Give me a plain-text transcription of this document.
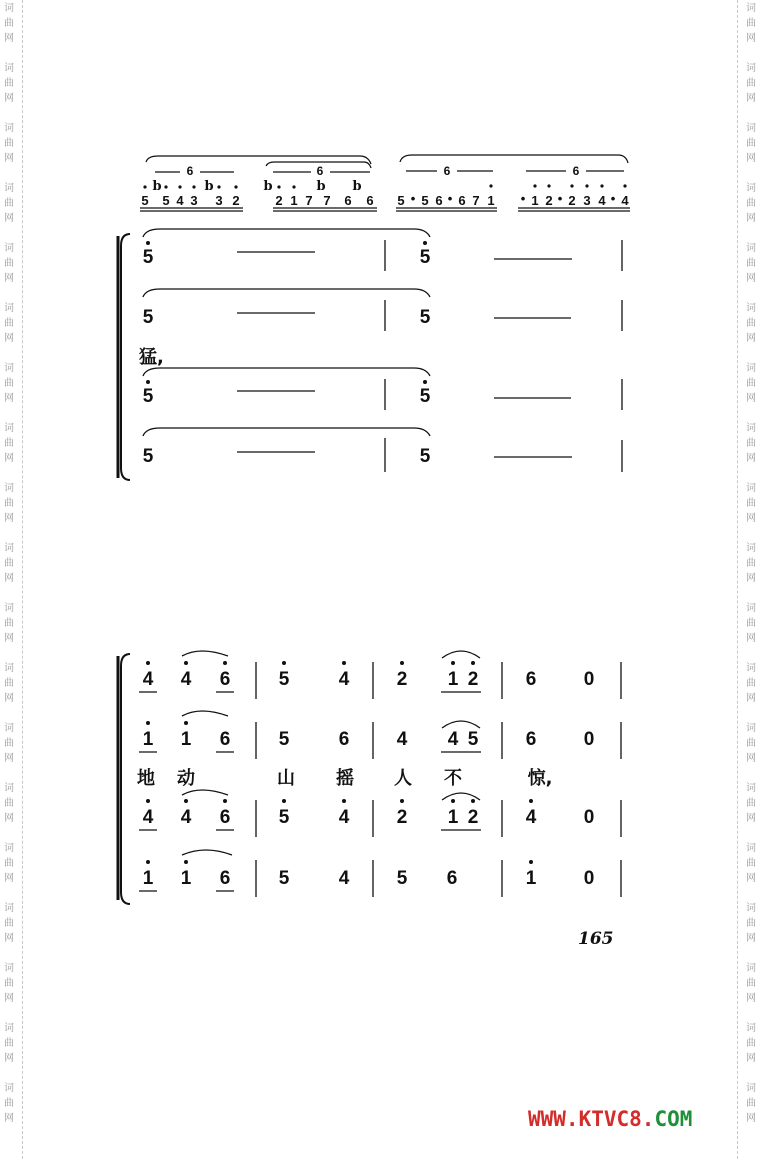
词
曲
网
词
曲
网
词
曲
网
词
曲
网
词
曲
网
词
曲
网
词
曲
网
词
曲
网
词
曲
网
词
曲
网
词
曲
网
词
曲
网
词
曲
网
词
曲
网
词
曲
网
词
曲
网
词
曲
网
词
曲
网
词
曲
网
词
曲
网
词
曲
网
词
曲
网
词
曲
网
词
曲
网
词
曲
网
词
曲
网
词
曲
网
词
曲
网
词
曲
网
词
曲
网
词
曲
网
词
曲
网
词
曲
网
词
曲
网
词
曲
网
词
曲
网
词
曲
网
词
曲
网
6
b	b
5 5 4 3 3 2
6
b	b b
2 1 7 7 6 6
6
5 • 5 6 • 6 7 1
6
• 1 2 • 2 3 4 • 4
5	5
5	5
猛,
5	5
5	5
4 4 6	5	4 2 1 2 6 0
1 1 6	5	6 4 4 5 6 0
地 动	山 摇 人 不	惊,
4 4 6	5	4 2 1 2 4 0
1 1 6	5	4 5 6	1 0
165
WWW.KTVC8.COM
